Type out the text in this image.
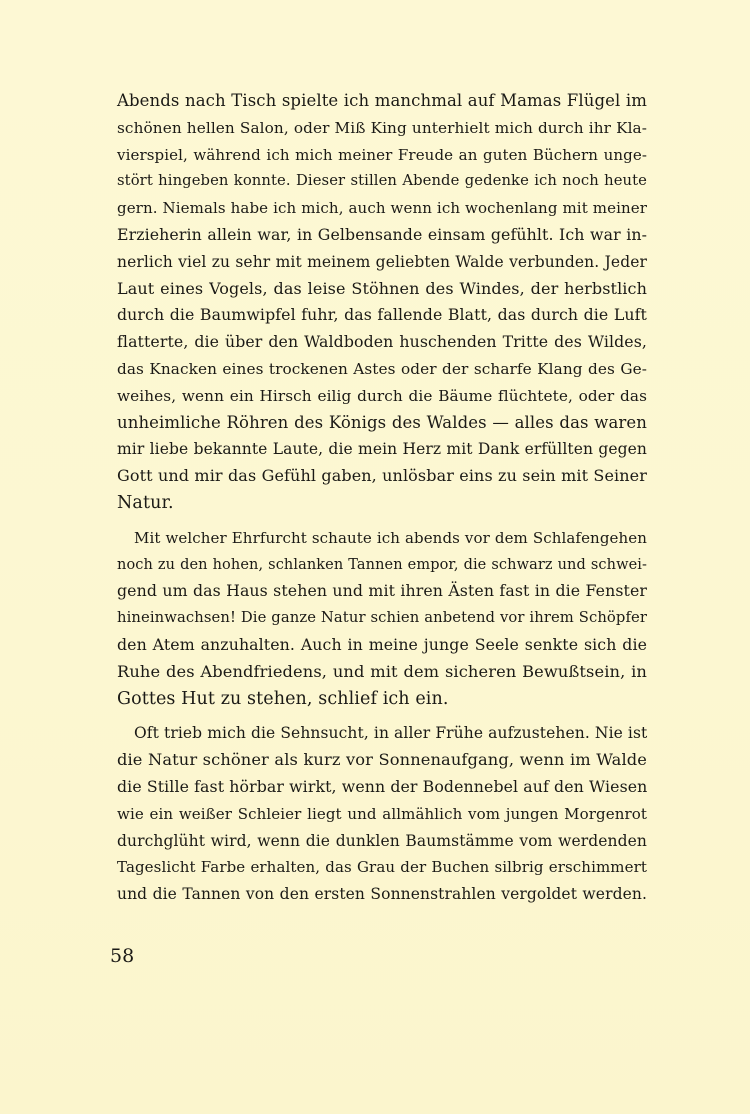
Abends nach Tisch spielte ich manchmal auf Mamas Flügel im
schönen hellen Salon, oder Miß King unterhielt mich durch ihr Kla-
vierspiel, während ich mich meiner Freude an guten Büchern unge-
stört hingeben konnte. Dieser stillen Abende gedenke ich noch heute
gern. Niemals habe ich mich, auch wenn ich wochenlang mit meiner
Erzieherin allein war, in Gelbensande einsam gefühlt. Ich war in-
nerlich viel zu sehr mit meinem geliebten Walde verbunden. Jeder
Laut eines Vogels, das leise Stöhnen des Windes, der herbstlich
durch die Baumwipfel fuhr, das fallende Blatt, das durch die Luft
flatterte, die über den Waldboden huschenden Tritte des Wildes,
das Knacken eines trockenen Astes oder der scharfe Klang des Ge-
weihes, wenn ein Hirsch eilig durch die Bäume flüchtete, oder das
unheimliche Röhren des Königs des Waldes — alles das waren
mir liebe bekannte Laute, die mein Herz mit Dank erfüllten gegen
Gott und mir das Gefühl gaben, unlösbar eins zu sein mit Seiner
Natur.
Mit welcher Ehrfurcht schaute ich abends vor dem Schlafengehen
noch zu den hohen, schlanken Tannen empor, die schwarz und schwei-
gend um das Haus stehen und mit ihren Ästen fast in die Fenster
hineinwachsen! Die ganze Natur schien anbetend vor ihrem Schöpfer
den Atem anzuhalten. Auch in meine junge Seele senkte sich die
Ruhe des Abendfriedens, und mit dem sicheren Bewußtsein, in
Gottes Hut zu stehen, schlief ich ein.
Oft trieb mich die Sehnsucht, in aller Frühe aufzustehen. Nie ist
die Natur schöner als kurz vor Sonnenaufgang, wenn im Walde
die Stille fast hörbar wirkt, wenn der Bodennebel auf den Wiesen
wie ein weißer Schleier liegt und allmählich vom jungen Morgenrot
durchglüht wird, wenn die dunklen Baumstämme vom werdenden
Tageslicht Farbe erhalten, das Grau der Buchen silbrig erschimmert
und die Tannen von den ersten Sonnenstrahlen vergoldet werden.
58
